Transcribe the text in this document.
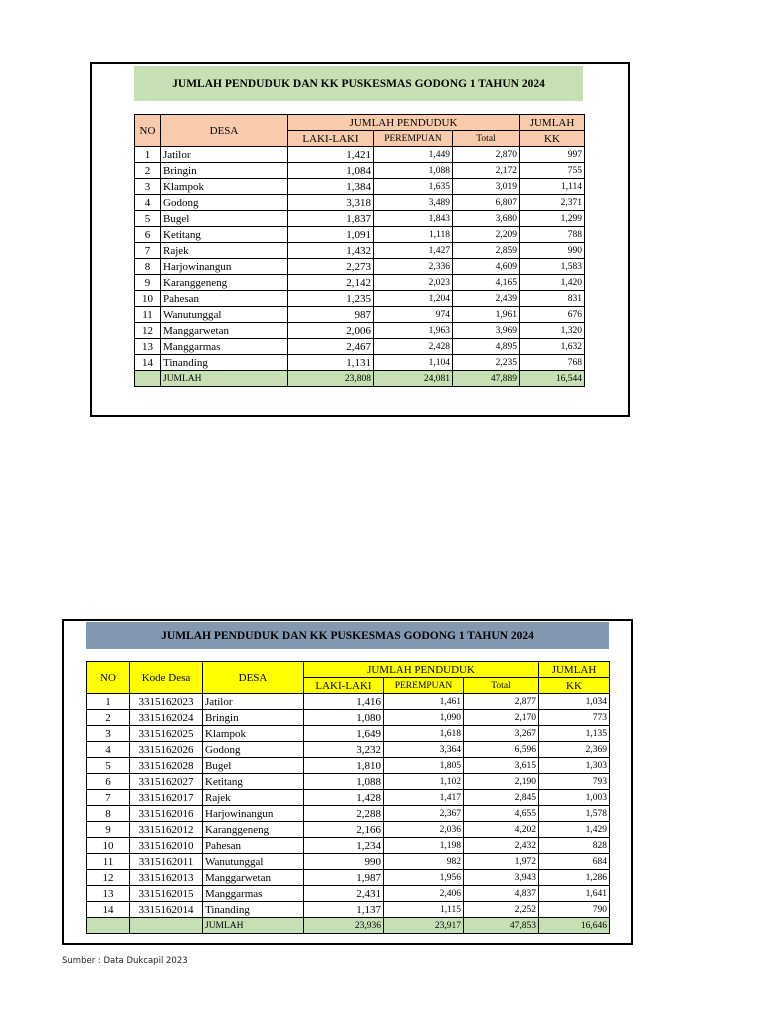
JUMLAH PENDUDUK DAN KK PUSKESMAS GODONG 1 TAHUN 2024
NO	DESA	JUMLAH PENDUDUK			JUMLAH
		LAKI-LAKI	PEREMPUAN	Total	KK
1	Jatilor	1,421	1,449	2,870	997
2	Bringin	1,084	1,088	2,172	755
3	Klampok	1,384	1,635	3,019	1,114
4	Godong	3,318	3,489	6,807	2,371
5	Bugel	1,837	1,843	3,680	1,299
6	Ketitang	1,091	1,118	2,209	788
7	Rajek	1,432	1,427	2,859	990
8	Harjowinangun	2,273	2,336	4,609	1,583
9	Karanggeneng	2,142	2,023	4,165	1,420
10	Pahesan	1,235	1,204	2,439	831
11	Wanutunggal	987	974	1,961	676
12	Manggarwetan	2,006	1,963	3,969	1,320
13	Manggarmas	2,467	2,428	4,895	1,632
14	Tinanding	1,131	1,104	2,235	768
	JUMLAH	23,808	24,081	47,889	16,544
JUMLAH PENDUDUK DAN KK PUSKESMAS GODONG 1 TAHUN 2024
NO	Kode Desa	DESA	JUMLAH PENDUDUK			JUMLAH
			LAKI-LAKI	PEREMPUAN	Total	KK
1	3315162023	Jatilor	1,416	1,461	2,877	1,034
2	3315162024	Bringin	1,080	1,090	2,170	773
3	3315162025	Klampok	1,649	1,618	3,267	1,135
4	3315162026	Godong	3,232	3,364	6,596	2,369
5	3315162028	Bugel	1,810	1,805	3,615	1,303
6	3315162027	Ketitang	1,088	1,102	2,190	793
7	3315162017	Rajek	1,428	1,417	2,845	1,003
8	3315162016	Harjowinangun	2,288	2,367	4,655	1,578
9	3315162012	Karanggeneng	2,166	2,036	4,202	1,429
10	3315162010	Pahesan	1,234	1,198	2,432	828
11	3315162011	Wanutunggal	990	982	1,972	684
12	3315162013	Manggarwetan	1,987	1,956	3,943	1,286
13	3315162015	Manggarmas	2,431	2,406	4,837	1,641
14	3315162014	Tinanding	1,137	1,115	2,252	790
		JUMLAH	23,936	23,917	47,853	16,646
Sumber : Data Dukcapil 2023
